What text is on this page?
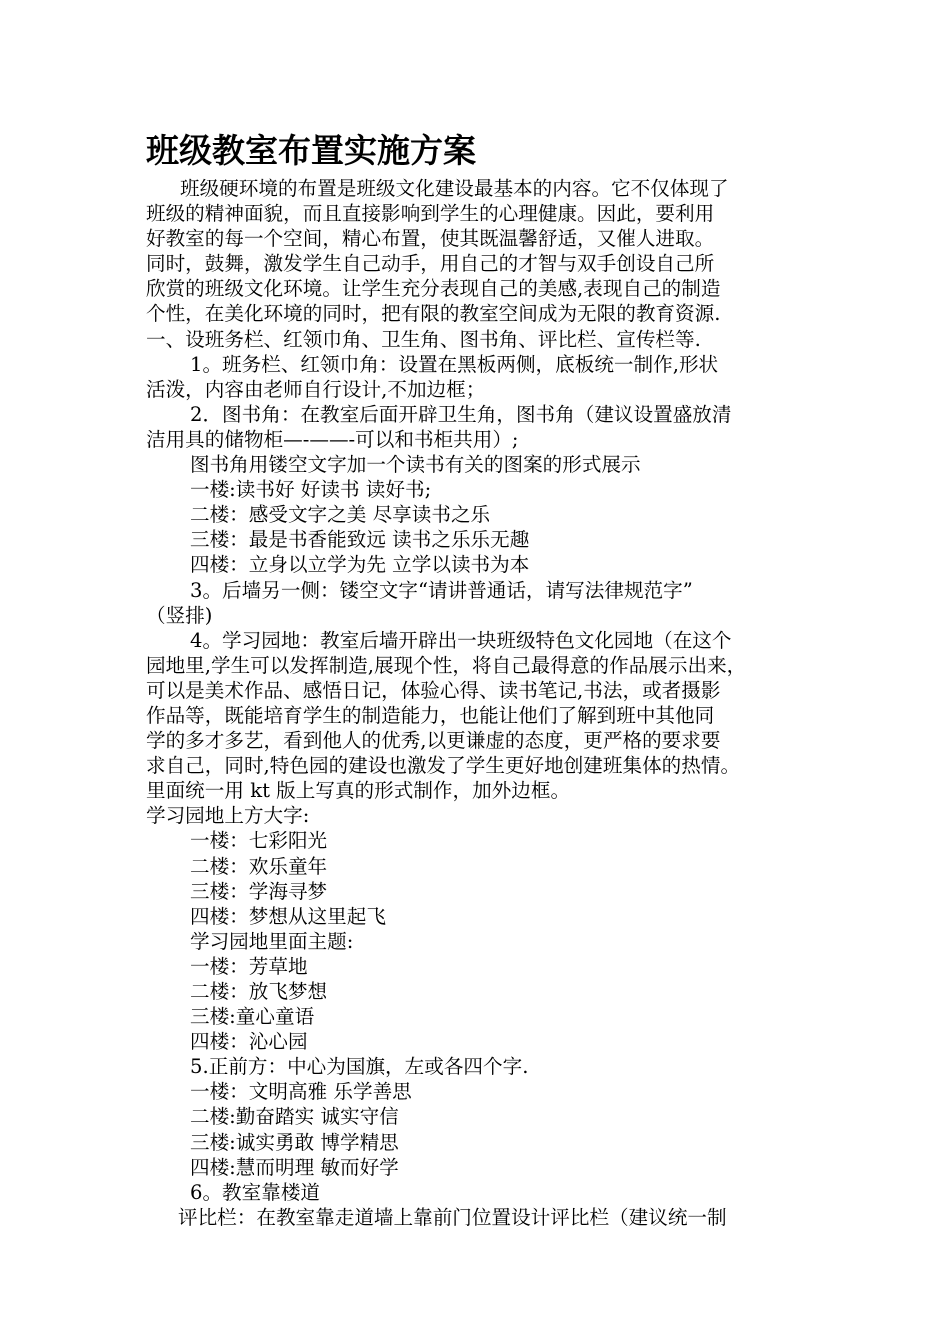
班级教室布置实施方案
班级硬环境的布置是班级文化建设最基本的内容。它不仅体现了
班级的精神面貌，而且直接影响到学生的心理健康。因此，要利用
好教室的每一个空间，精心布置，使其既温馨舒适，又催人进取。
同时，鼓舞，激发学生自己动手，用自己的才智与双手创设自己所
欣赏的班级文化环境。让学生充分表现自己的美感,表现自己的制造
个性，在美化环境的同时，把有限的教室空间成为无限的教育资源.
一、设班务栏、红领巾角、卫生角、图书角、评比栏、宣传栏等.
1。班务栏、红领巾角：设置在黑板两侧，底板统一制作,形状
活泼，内容由老师自行设计,不加边框；
2．图书角：在教室后面开辟卫生角，图书角（建议设置盛放清
洁用具的储物柜—-——-可以和书柜共用）;
图书角用镂空文字加一个读书有关的图案的形式展示
一楼:读书好 好读书 读好书;
二楼：感受文字之美 尽享读书之乐
三楼：最是书香能致远 读书之乐乐无趣
四楼：立身以立学为先 立学以读书为本
3。后墙另一侧：镂空文字“请讲普通话，请写法律规范字”
（竖排)
4。学习园地：教室后墙开辟出一块班级特色文化园地（在这个
园地里,学生可以发挥制造,展现个性，将自己最得意的作品展示出来，
可以是美术作品、感悟日记，体验心得、读书笔记,书法，或者摄影
作品等，既能培育学生的制造能力，也能让他们了解到班中其他同
学的多才多艺，看到他人的优秀,以更谦虚的态度，更严格的要求要
求自己，同时,特色园的建设也激发了学生更好地创建班集体的热情。
里面统一用 kt 版上写真的形式制作，加外边框。
学习园地上方大字:
一楼：七彩阳光
二楼：欢乐童年
三楼：学海寻梦
四楼：梦想从这里起飞
学习园地里面主题:
一楼：芳草地
二楼：放飞梦想
三楼:童心童语
四楼：沁心园
5.正前方：中心为国旗，左或各四个字.
一楼：文明高雅 乐学善思
二楼:勤奋踏实 诚实守信
三楼:诚实勇敢 博学精思
四楼:慧而明理 敏而好学
6。教室靠楼道
评比栏：在教室靠走道墙上靠前门位置设计评比栏（建议统一制
